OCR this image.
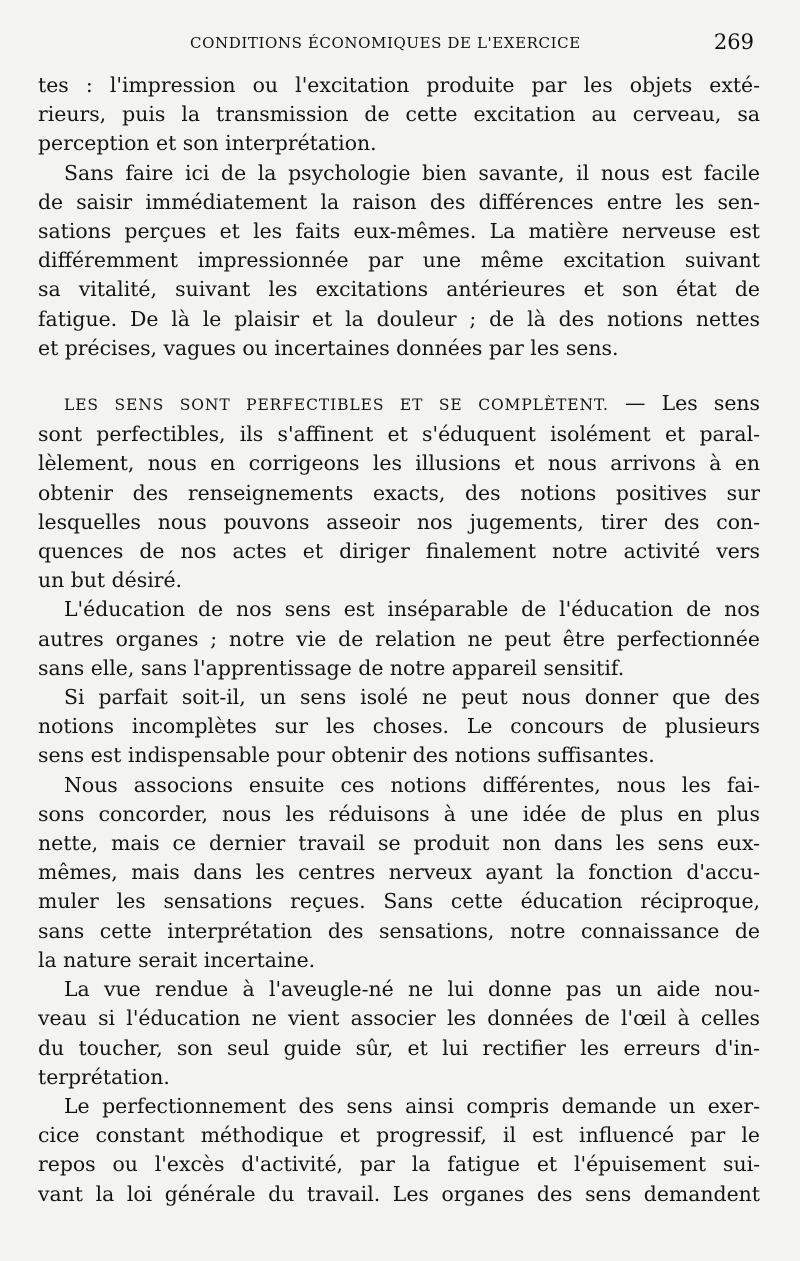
CONDITIONS ÉCONOMIQUES DE L'EXERCICE	269
tes : l'impression ou l'excitation produite par les objets exté-
rieurs, puis la transmission de cette excitation au cerveau, sa
perception et son interprétation.
Sans faire ici de la psychologie bien savante, il nous est facile
de saisir immédiatement la raison des différences entre les sen-
sations perçues et les faits eux-mêmes. La matière nerveuse est
différemment impressionnée par une même excitation suivant
sa vitalité, suivant les excitations antérieures et son état de
fatigue. De là le plaisir et la douleur ; de là des notions nettes
et précises, vagues ou incertaines données par les sens.
LES SENS SONT PERFECTIBLES ET SE COMPLÈTENT. — Les sens
sont perfectibles, ils s'affinent et s'éduquent isolément et paral-
lèlement, nous en corrigeons les illusions et nous arrivons à en
obtenir des renseignements exacts, des notions positives sur
lesquelles nous pouvons asseoir nos jugements, tirer des con-
quences de nos actes et diriger finalement notre activité vers
un but désiré.
L'éducation de nos sens est inséparable de l'éducation de nos
autres organes ; notre vie de relation ne peut être perfectionnée
sans elle, sans l'apprentissage de notre appareil sensitif.
Si parfait soit-il, un sens isolé ne peut nous donner que des
notions incomplètes sur les choses. Le concours de plusieurs
sens est indispensable pour obtenir des notions suffisantes.
Nous associons ensuite ces notions différentes, nous les fai-
sons concorder, nous les réduisons à une idée de plus en plus
nette, mais ce dernier travail se produit non dans les sens eux-
mêmes, mais dans les centres nerveux ayant la fonction d'accu-
muler les sensations reçues. Sans cette éducation réciproque,
sans cette interprétation des sensations, notre connaissance de
la nature serait incertaine.
La vue rendue à l'aveugle-né ne lui donne pas un aide nou-
veau si l'éducation ne vient associer les données de l'œil à celles
du toucher, son seul guide sûr, et lui rectifier les erreurs d'in-
terprétation.
Le perfectionnement des sens ainsi compris demande un exer-
cice constant méthodique et progressif, il est influencé par le
repos ou l'excès d'activité, par la fatigue et l'épuisement sui-
vant la loi générale du travail. Les organes des sens demandent
